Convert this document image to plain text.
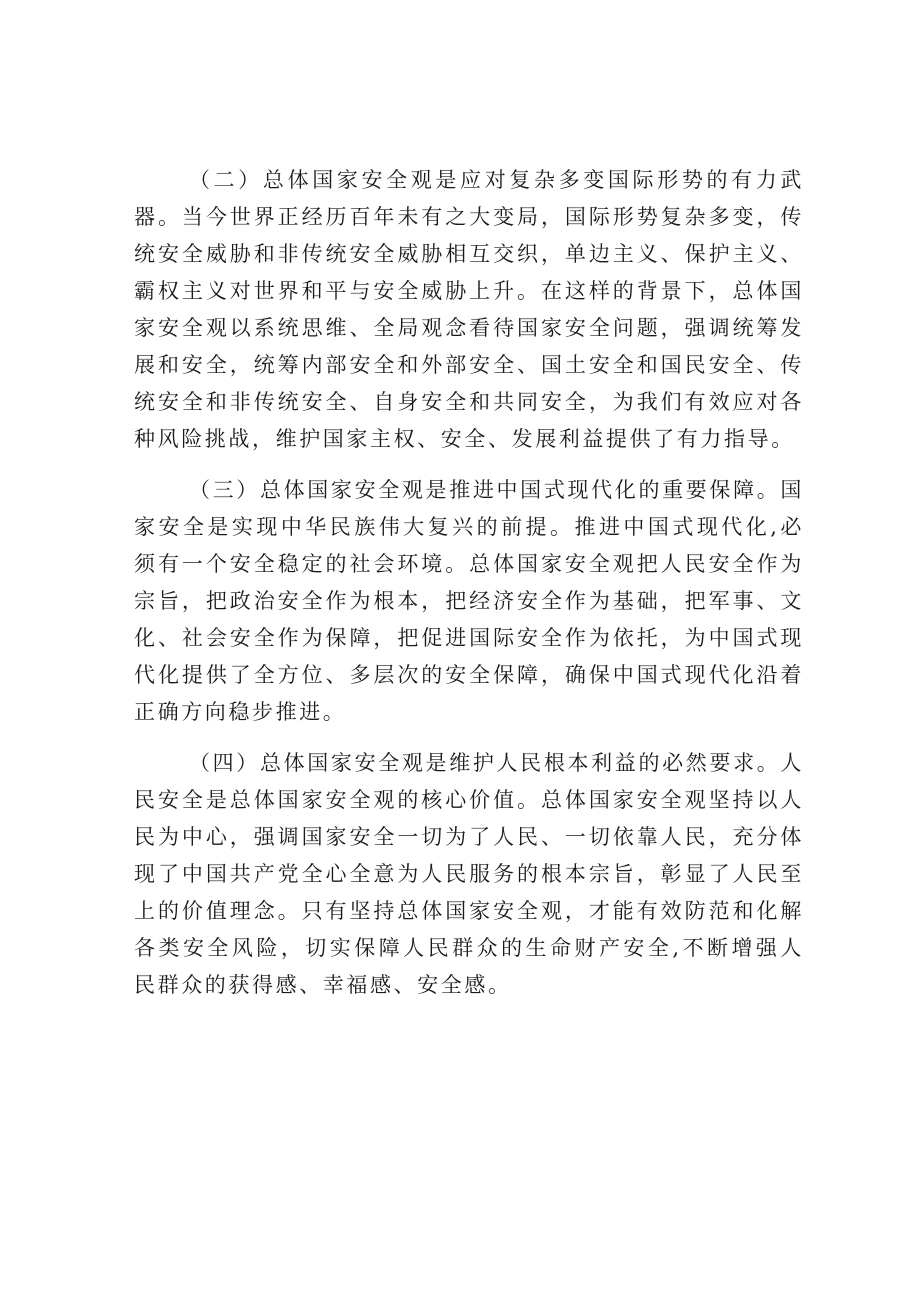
（二）总体国家安全观是应对复杂多变国际形势的有力武器。当今世界正经历百年未有之大变局，国际形势复杂多变，传统安全威胁和非传统安全威胁相互交织，单边主义、保护主义、霸权主义对世界和平与安全威胁上升。在这样的背景下，总体国家安全观以系统思维、全局观念看待国家安全问题，强调统筹发展和安全，统筹内部安全和外部安全、国土安全和国民安全、传统安全和非传统安全、自身安全和共同安全，为我们有效应对各种风险挑战，维护国家主权、安全、发展利益提供了有力指导。

（三）总体国家安全观是推进中国式现代化的重要保障。国家安全是实现中华民族伟大复兴的前提。推进中国式现代化,必须有一个安全稳定的社会环境。总体国家安全观把人民安全作为宗旨，把政治安全作为根本，把经济安全作为基础，把军事、文化、社会安全作为保障，把促进国际安全作为依托，为中国式现代化提供了全方位、多层次的安全保障，确保中国式现代化沿着正确方向稳步推进。

（四）总体国家安全观是维护人民根本利益的必然要求。人民安全是总体国家安全观的核心价值。总体国家安全观坚持以人民为中心，强调国家安全一切为了人民、一切依靠人民，充分体现了中国共产党全心全意为人民服务的根本宗旨，彰显了人民至上的价值理念。只有坚持总体国家安全观，才能有效防范和化解各类安全风险，切实保障人民群众的生命财产安全,不断增强人民群众的获得感、幸福感、安全感。
